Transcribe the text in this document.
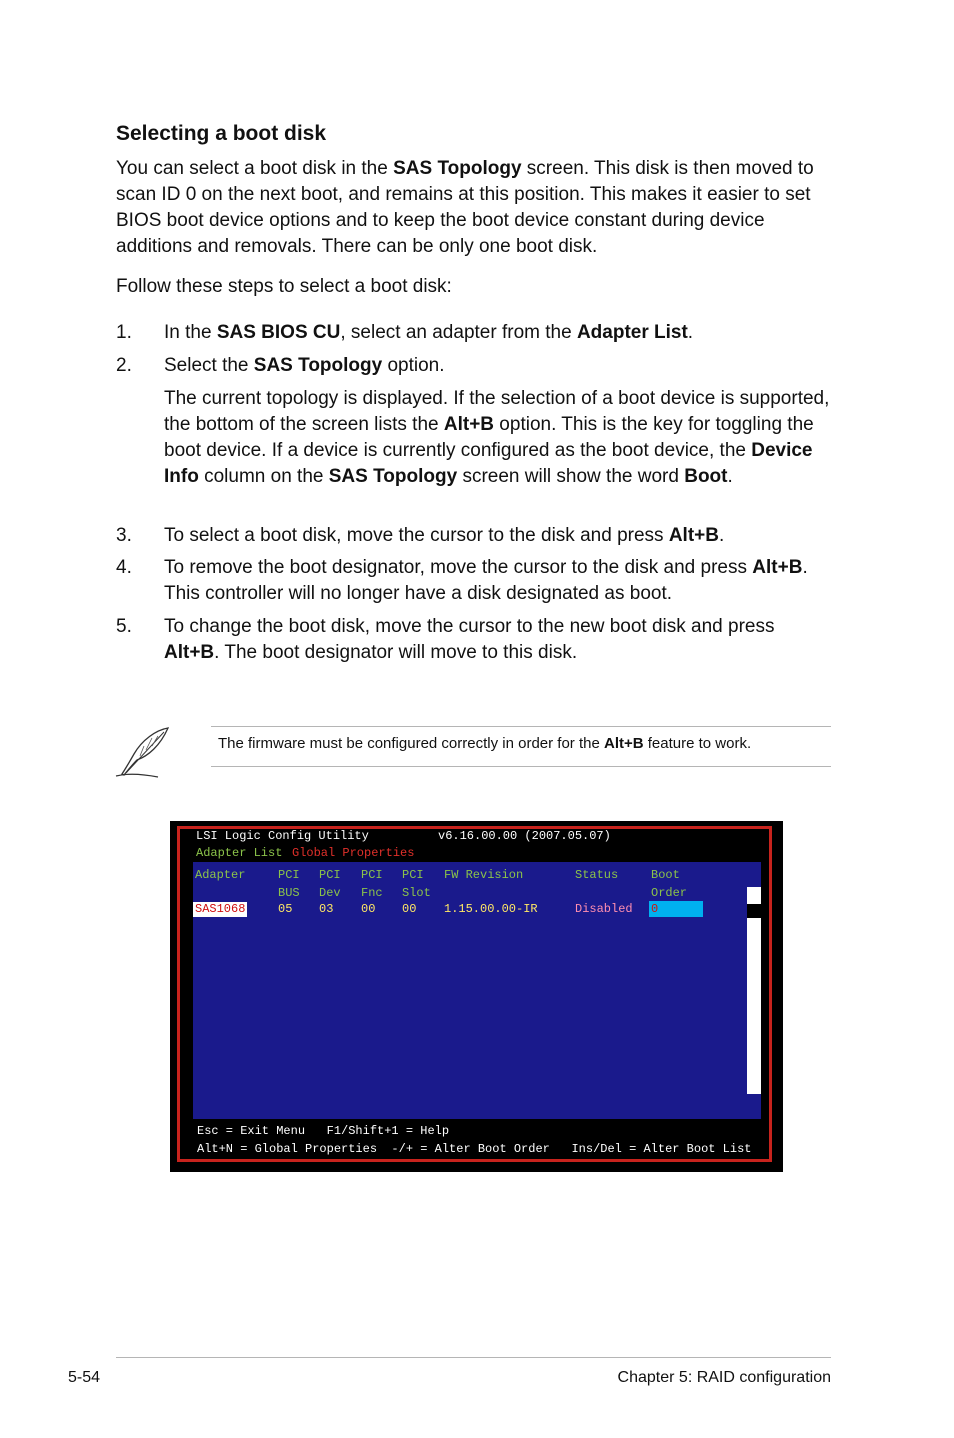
Selecting a boot disk
You can select a boot disk in the SAS Topology screen. This disk is then moved to scan ID 0 on the next boot, and remains at this position. This makes it easier to set BIOS boot device options and to keep the boot device constant during device additions and removals. There can be only one boot disk.
Follow these steps to select a boot disk:
1. In the SAS BIOS CU, select an adapter from the Adapter List.
2. Select the SAS Topology option.
The current topology is displayed. If the selection of a boot device is supported, the bottom of the screen lists the Alt+B option. This is the key for toggling the boot device. If a device is currently configured as the boot device, the Device Info column on the SAS Topology screen will show the word Boot.
3. To select a boot disk, move the cursor to the disk and press Alt+B.
4. To remove the boot designator, move the cursor to the disk and press Alt+B. This controller will no longer have a disk designated as boot.
5. To change the boot disk, move the cursor to the new boot disk and press Alt+B. The boot designator will move to this disk.
The firmware must be configured correctly in order for the Alt+B feature to work.
LSI Logic Config Utility	v6.16.00.00 (2007.05.07)
Adapter List Global Properties
Adapter	PCI PCI PCI PCI FW Revision	Status	Boot
BUS Dev Fnc Slot	Order
SAS1068	05 03 00 00 1.15.00.00-IR	Disabled 0
Esc = Exit Menu   F1/Shift+1 = Help
Alt+N = Global Properties  -/+ = Alter Boot Order   Ins/Del = Alter Boot List
5-54	Chapter 5: RAID configuration
